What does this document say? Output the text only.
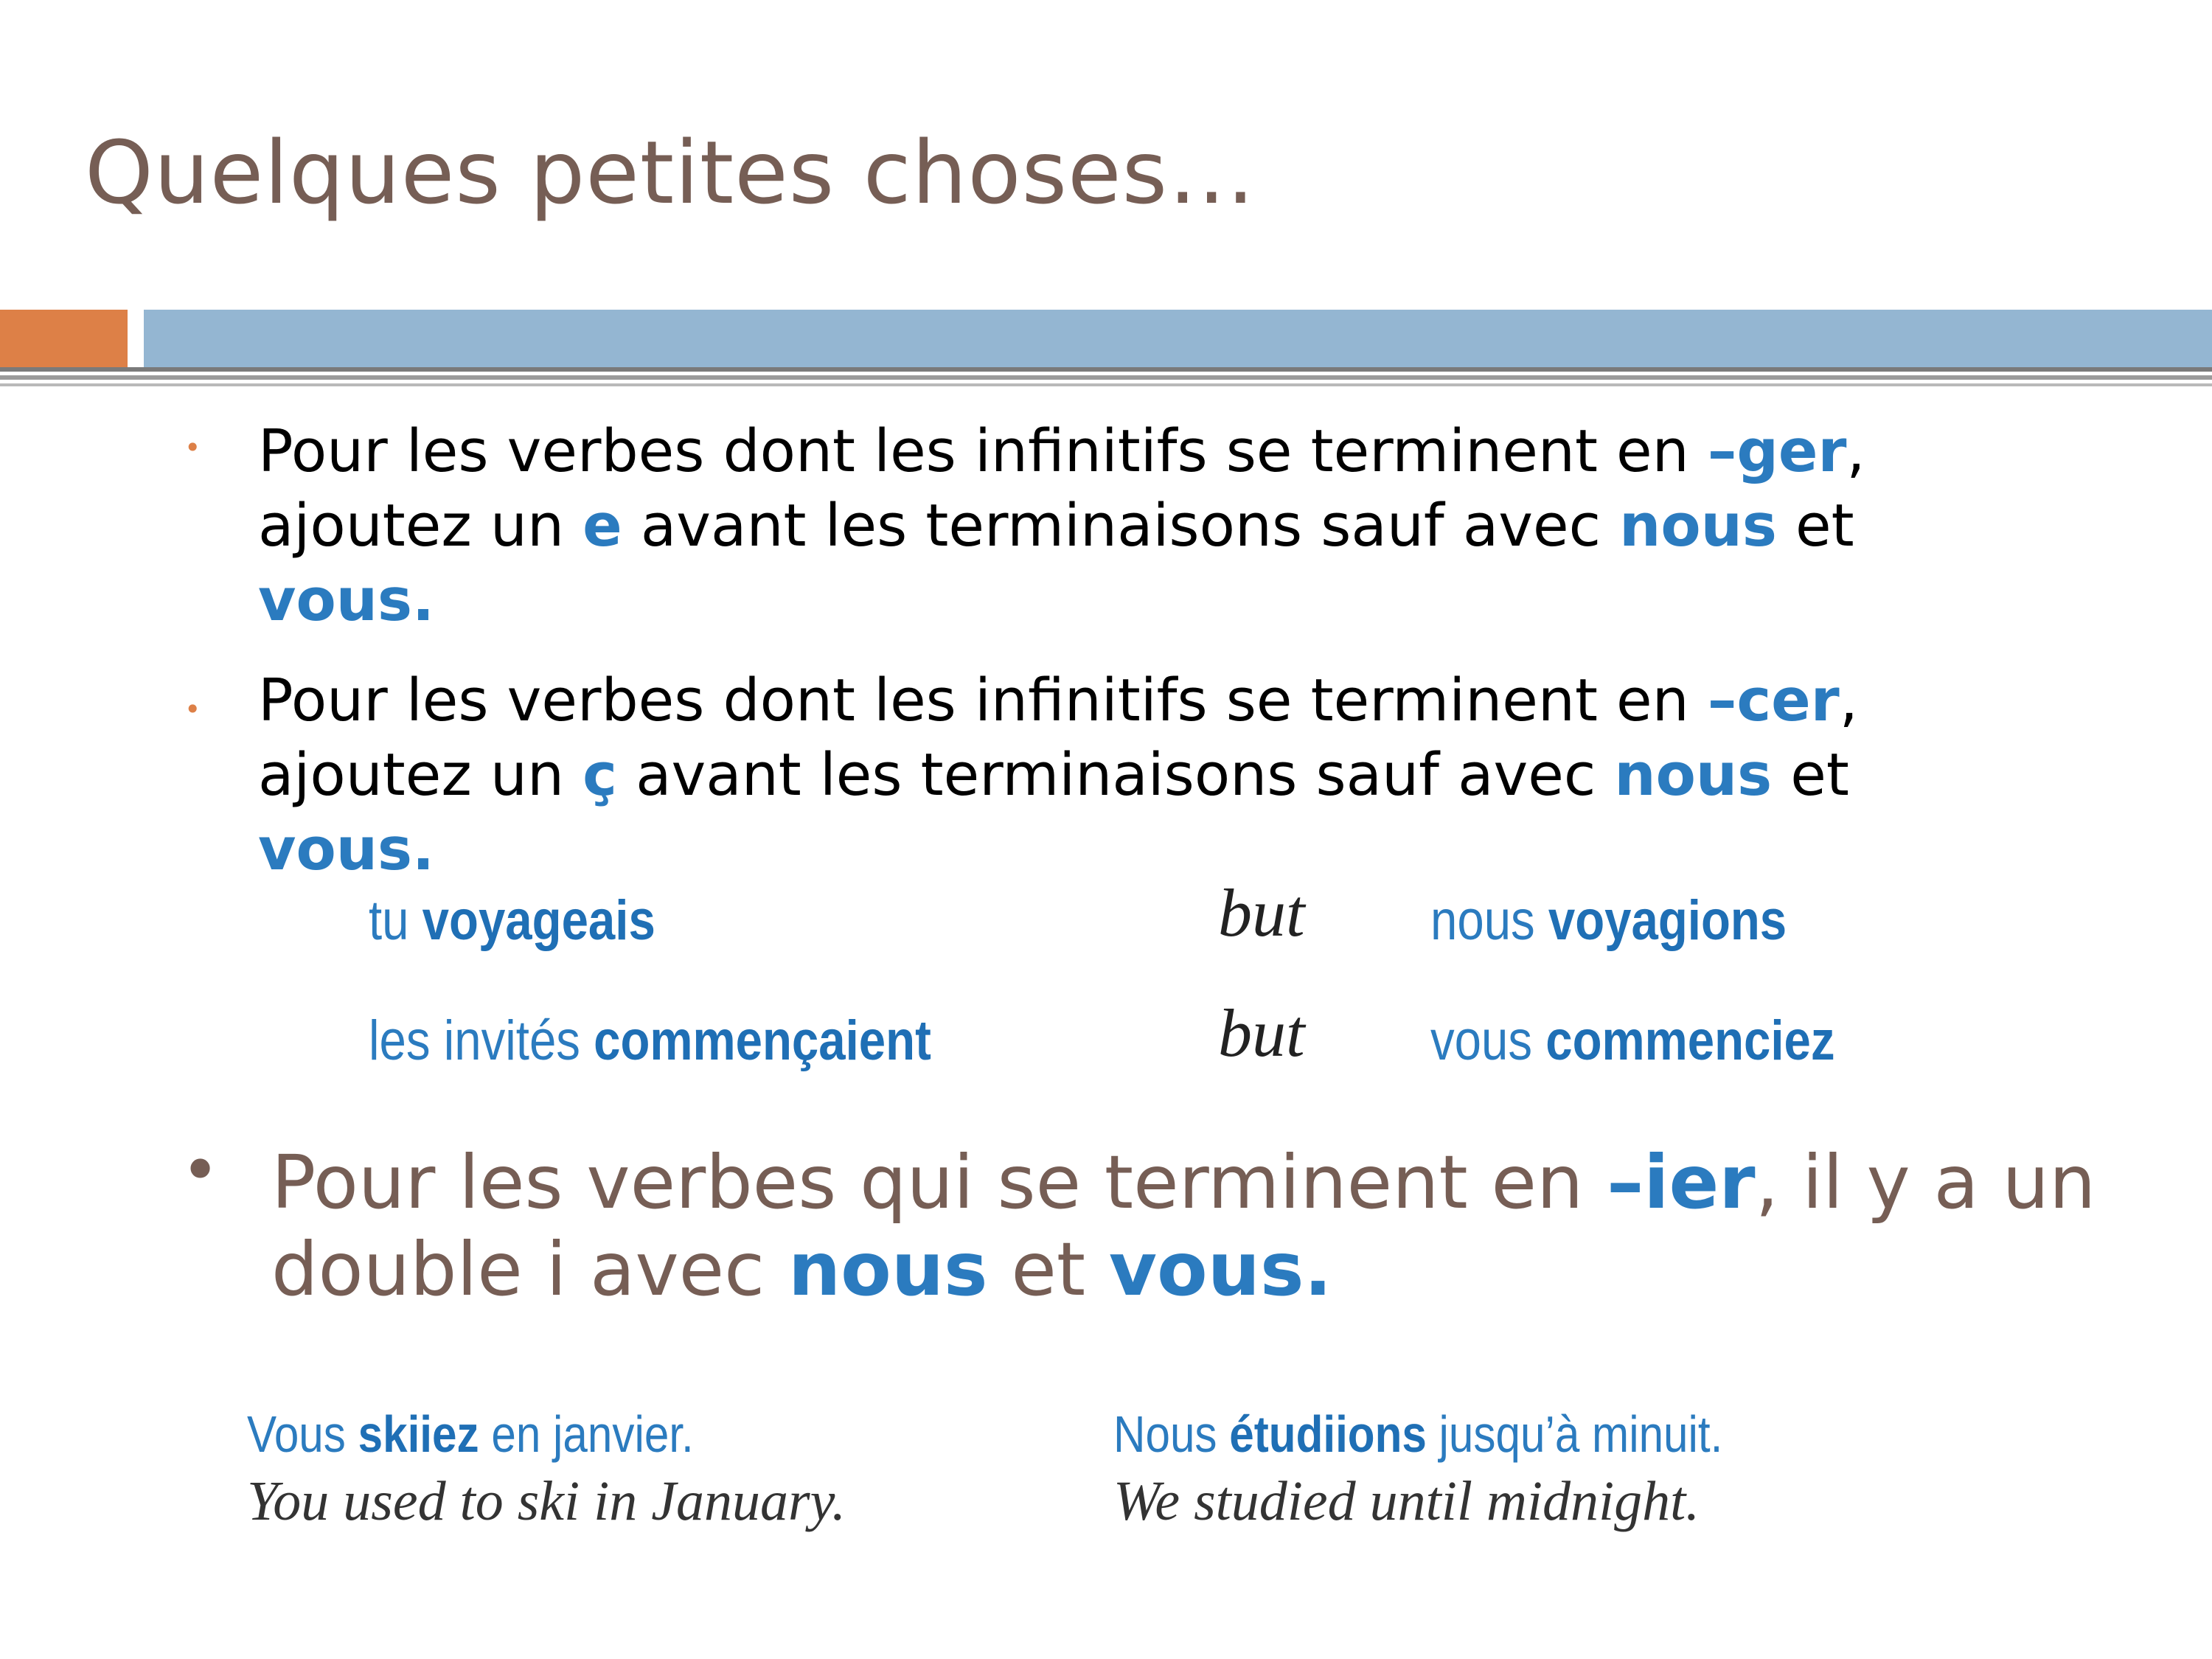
Quelques petites choses…
• Pour les verbes dont les infinitifs se terminent en –ger, ajoutez un e avant les terminaisons sauf avec nous et vous.
• Pour les verbes dont les infinitifs se terminent en –cer, ajoutez un ç avant les terminaisons sauf avec nous et vous.
tu voyageais	but nous voyagions
les invités commençaient	but vous commenciez
• Pour les verbes qui se terminent en –ier, il y a un double i avec nous et vous.
Vous skiiez en janvier.
You used to ski in January.
Nous étudiions jusqu’à minuit.
We studied until midnight.
